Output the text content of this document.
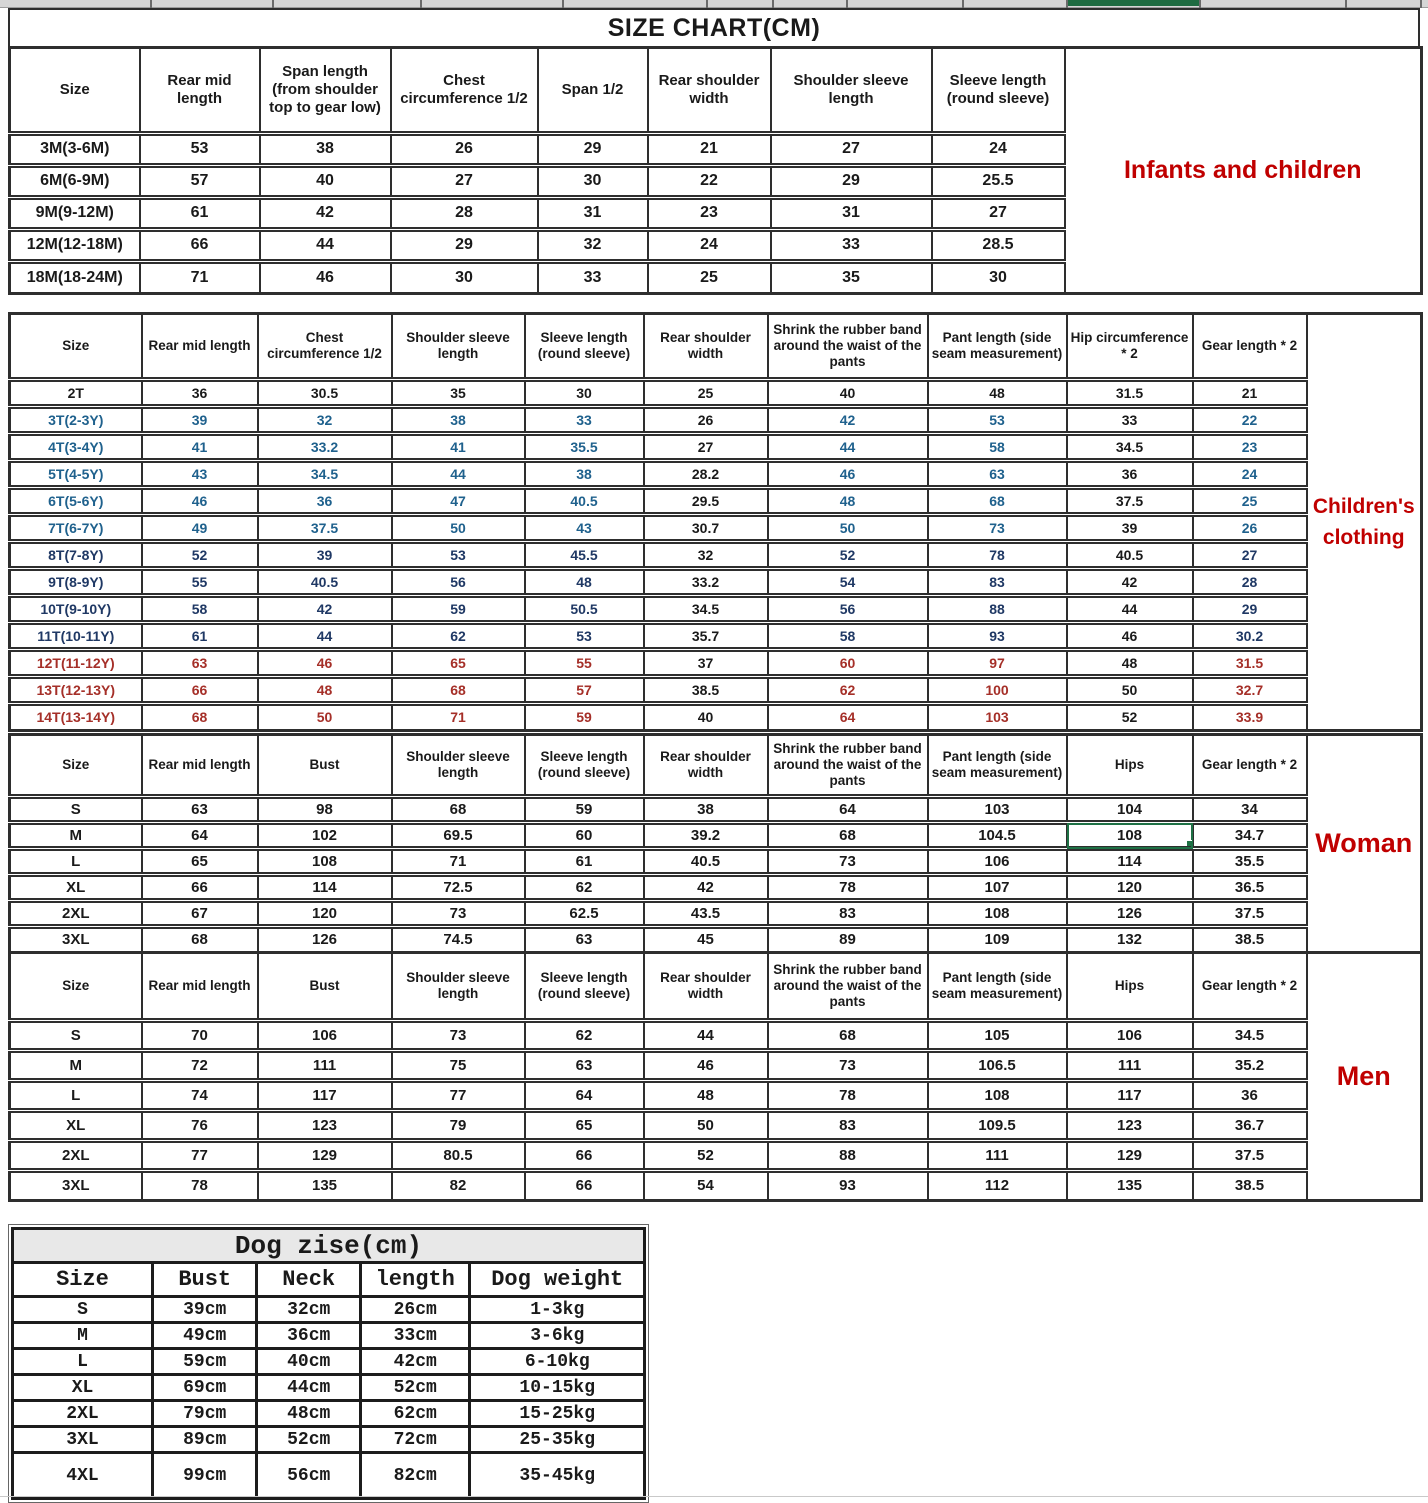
SIZE CHART(CM)
Size	Rear mid length	Span length (from shoulder top to gear low)	Chest circumference 1/2	Span 1/2	Rear shoulder width	Shoulder sleeve length	Sleeve length (round sleeve)	Infants and children
3M(3-6M)	53	38	26	29	21	27	24	
6M(6-9M)	57	40	27	30	22	29	25.5	
9M(9-12M)	61	42	28	31	23	31	27	
12M(12-18M)	66	44	29	32	24	33	28.5	
18M(18-24M)	71	46	30	33	25	35	30	
Size	Rear mid length	Chest circumference 1/2	Shoulder sleeve length	Sleeve length (round sleeve)	Rear shoulder width	Shrink the rubber band around the waist of the pants	Pant length (side seam measurement)	Hip circumference * 2	Gear length * 2	Children's clothing
2T	36	30.5	35	30	25	40	48	31.5	21	
3T(2-3Y)	39	32	38	33	26	42	53	33	22	
4T(3-4Y)	41	33.2	41	35.5	27	44	58	34.5	23	
5T(4-5Y)	43	34.5	44	38	28.2	46	63	36	24	
6T(5-6Y)	46	36	47	40.5	29.5	48	68	37.5	25	
7T(6-7Y)	49	37.5	50	43	30.7	50	73	39	26	
8T(7-8Y)	52	39	53	45.5	32	52	78	40.5	27	
9T(8-9Y)	55	40.5	56	48	33.2	54	83	42	28	
10T(9-10Y)	58	42	59	50.5	34.5	56	88	44	29	
11T(10-11Y)	61	44	62	53	35.7	58	93	46	30.2	
12T(11-12Y)	63	46	65	55	37	60	97	48	31.5	
13T(12-13Y)	66	48	68	57	38.5	62	100	50	32.7	
14T(13-14Y)	68	50	71	59	40	64	103	52	33.9	
Size	Rear mid length	Bust	Shoulder sleeve length	Sleeve length (round sleeve)	Rear shoulder width	Shrink the rubber band around the waist of the pants	Pant length (side seam measurement)	Hips	Gear length * 2	Woman
S	63	98	68	59	38	64	103	104	34	
M	64	102	69.5	60	39.2	68	104.5	108	34.7	
L	65	108	71	61	40.5	73	106	114	35.5	
XL	66	114	72.5	62	42	78	107	120	36.5	
2XL	67	120	73	62.5	43.5	83	108	126	37.5	
3XL	68	126	74.5	63	45	89	109	132	38.5	
Size	Rear mid length	Bust	Shoulder sleeve length	Sleeve length (round sleeve)	Rear shoulder width	Shrink the rubber band around the waist of the pants	Pant length (side seam measurement)	Hips	Gear length * 2	Men
S	70	106	73	62	44	68	105	106	34.5	
M	72	111	75	63	46	73	106.5	111	35.2	
L	74	117	77	64	48	78	108	117	36	
XL	76	123	79	65	50	83	109.5	123	36.7	
2XL	77	129	80.5	66	52	88	111	129	37.5	
3XL	78	135	82	66	54	93	112	135	38.5	
Dog zise(cm)
Size	Bust	Neck	length	Dog weight
S	39cm	32cm	26cm	1-3kg
M	49cm	36cm	33cm	3-6kg
L	59cm	40cm	42cm	6-10kg
XL	69cm	44cm	52cm	10-15kg
2XL	79cm	48cm	62cm	15-25kg
3XL	89cm	52cm	72cm	25-35kg
4XL	99cm	56cm	82cm	35-45kg
